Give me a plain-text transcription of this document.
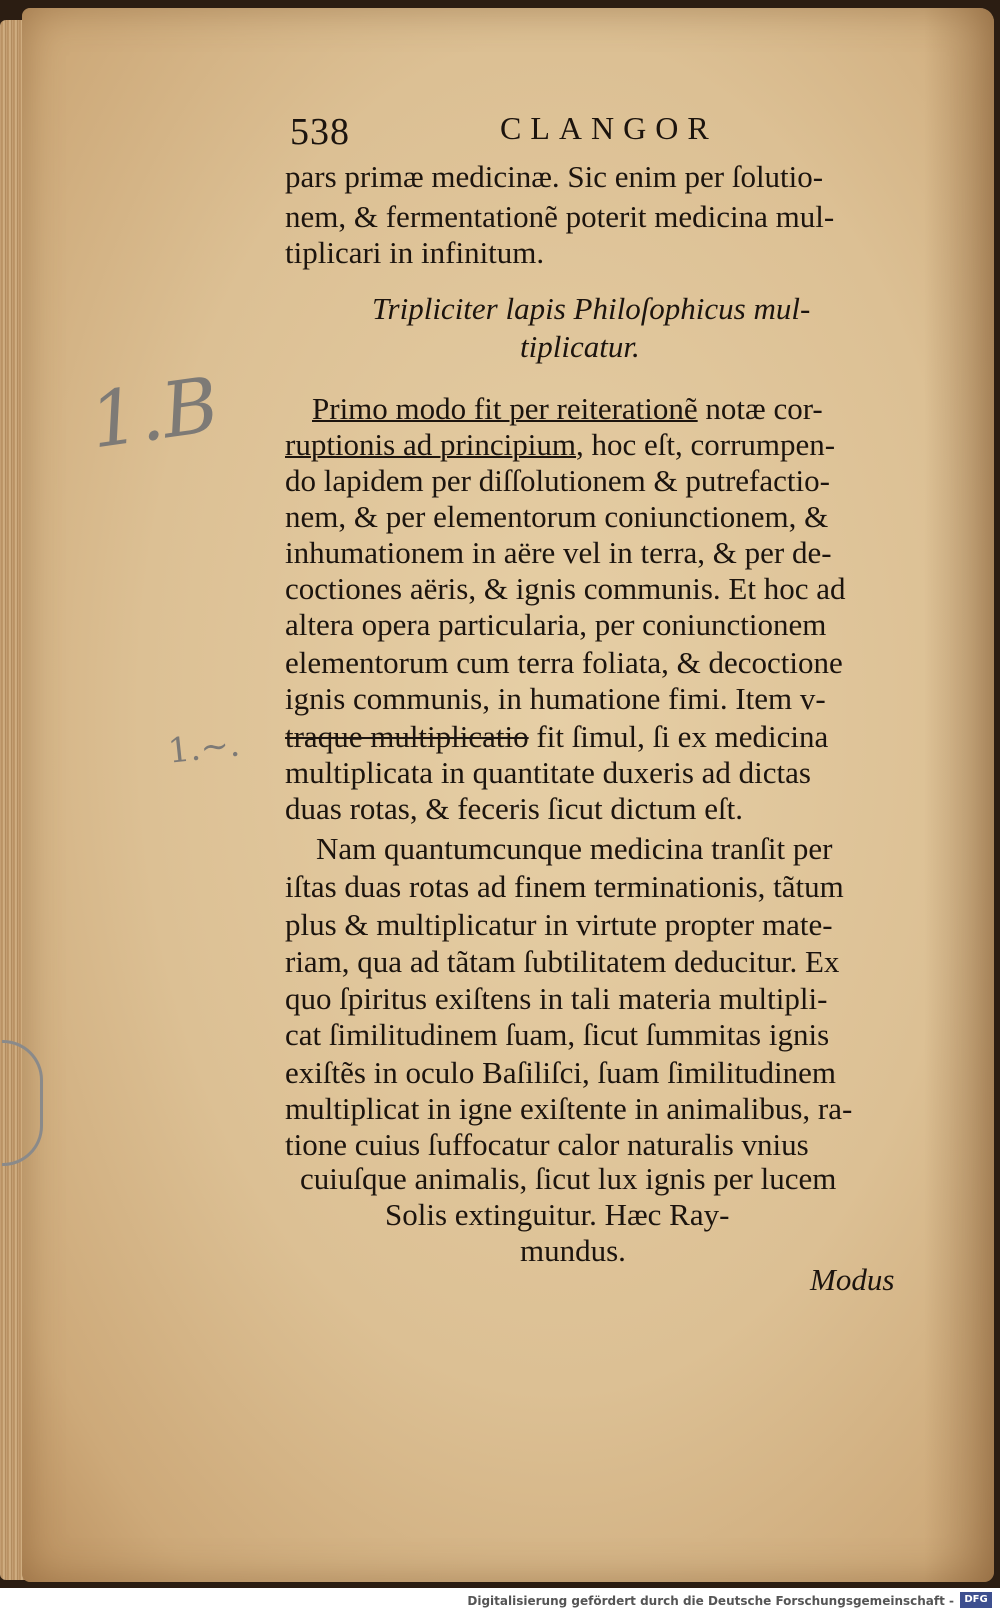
538	CLANGOR
pars primæ medicinæ. Sic enim per ſolutio-
nem, & fermentationẽ poterit medicina mul-
tiplicari in infinitum.
Tripliciter lapis Philoſophicus mul-
tiplicatur.
Primo modo fit per reiterationẽ notæ cor-
ruptionis ad principium, hoc eſt, corrumpen-
do lapidem per diſſolutionem & putrefactio-
nem, & per elementorum coniunctionem, &
inhumationem in aëre vel in terra, & per de-
coctiones aëris, & ignis communis. Et hoc ad
altera opera particularia, per coniunctionem
elementorum cum terra foliata, & decoctione
ignis communis, in humatione fimi. Item v-
traque multiplicatio fit ſimul, ſi ex medicina
multiplicata in quantitate duxeris ad dictas
duas rotas, & feceris ſicut dictum eſt.
Nam quantumcunque medicina tranſit per
iſtas duas rotas ad finem terminationis, tãtum
plus & multiplicatur in virtute propter mate-
riam, qua ad tãtam ſubtilitatem deducitur. Ex
quo ſpiritus exiſtens in tali materia multipli-
cat ſimilitudinem ſuam, ſicut ſummitas ignis
exiſtẽs in oculo Baſiliſci, ſuam ſimilitudinem
multiplicat in igne exiſtente in animalibus, ra-
tione cuius ſuffocatur calor naturalis vnius
cuiuſque animalis, ſicut lux ignis per lucem
Solis extinguitur. Hæc Ray-
mundus.
Modus
1.B
1.~.
Digitalisierung gefördert durch die Deutsche Forschungsgemeinschaft -	DFG
